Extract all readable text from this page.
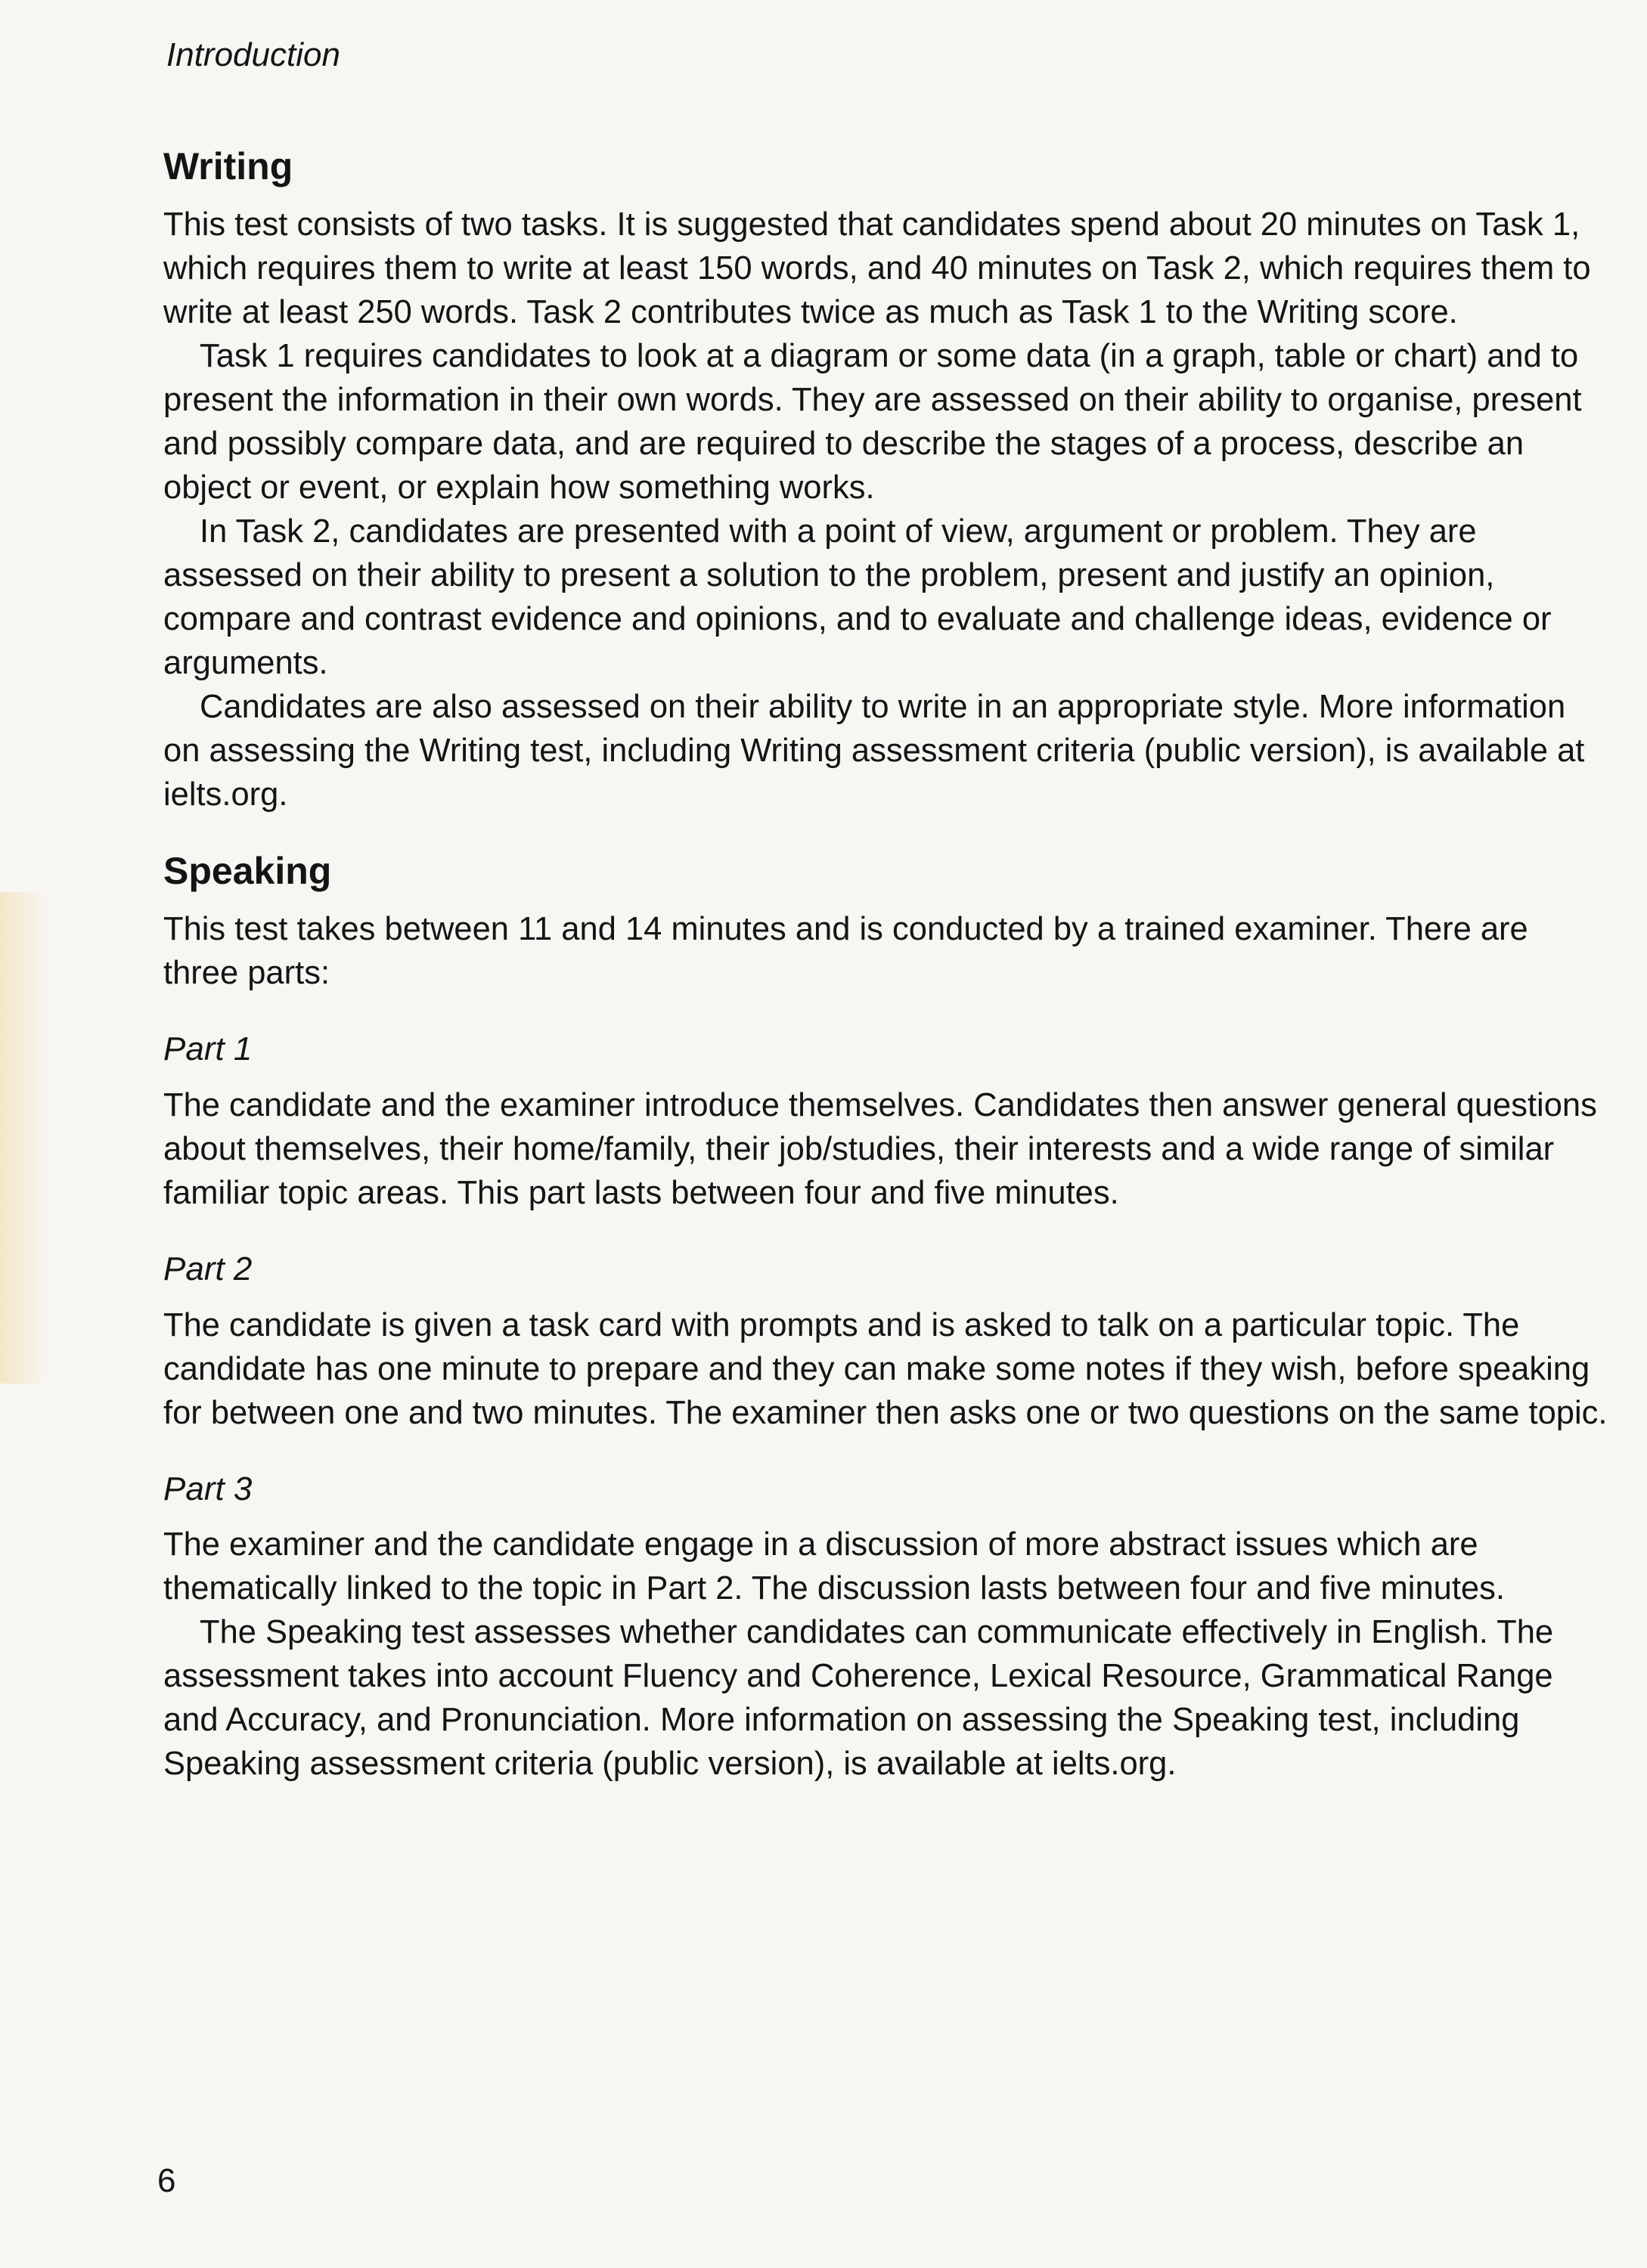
Introduction
Writing

This test consists of two tasks. It is suggested that candidates spend about 20 minutes on Task 1, which requires them to write at least 150 words, and 40 minutes on Task 2, which requires them to write at least 250 words. Task 2 contributes twice as much as Task 1 to the Writing score.

Task 1 requires candidates to look at a diagram or some data (in a graph, table or chart) and to present the information in their own words. They are assessed on their ability to organise, present and possibly compare data, and are required to describe the stages of a process, describe an object or event, or explain how something works.

In Task 2, candidates are presented with a point of view, argument or problem. They are assessed on their ability to present a solution to the problem, present and justify an opinion, compare and contrast evidence and opinions, and to evaluate and challenge ideas, evidence or arguments.

Candidates are also assessed on their ability to write in an appropriate style. More information on assessing the Writing test, including Writing assessment criteria (public version), is available at ielts.org.

Speaking

This test takes between 11 and 14 minutes and is conducted by a trained examiner. There are three parts:

Part 1

The candidate and the examiner introduce themselves. Candidates then answer general questions about themselves, their home/family, their job/studies, their interests and a wide range of similar familiar topic areas. This part lasts between four and five minutes.

Part 2

The candidate is given a task card with prompts and is asked to talk on a particular topic. The candidate has one minute to prepare and they can make some notes if they wish, before speaking for between one and two minutes. The examiner then asks one or two questions on the same topic.

Part 3

The examiner and the candidate engage in a discussion of more abstract issues which are thematically linked to the topic in Part 2. The discussion lasts between four and five minutes.

The Speaking test assesses whether candidates can communicate effectively in English. The assessment takes into account Fluency and Coherence, Lexical Resource, Grammatical Range and Accuracy, and Pronunciation. More information on assessing the Speaking test, including Speaking assessment criteria (public version), is available at ielts.org.

6
